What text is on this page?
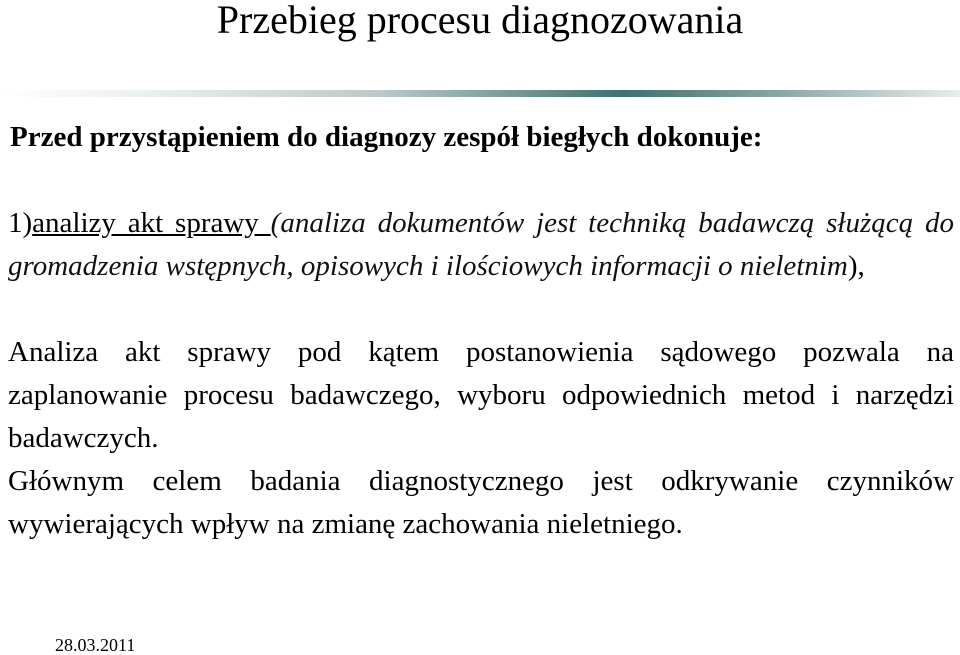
Przebieg procesu diagnozowania
Przed przystąpieniem do diagnozy zespół biegłych dokonuje:
1)analizy akt sprawy (analiza dokumentów jest techniką badawczą służącą do gromadzenia wstępnych, opisowych i ilościowych informacji o nieletnim),
Analiza akt sprawy pod kątem postanowienia sądowego pozwala na zaplanowanie procesu badawczego, wyboru odpowiednich metod i narzędzi badawczych.
Głównym celem badania diagnostycznego jest odkrywanie czynników wywierających wpływ na zmianę zachowania nieletniego.
28.03.2011
